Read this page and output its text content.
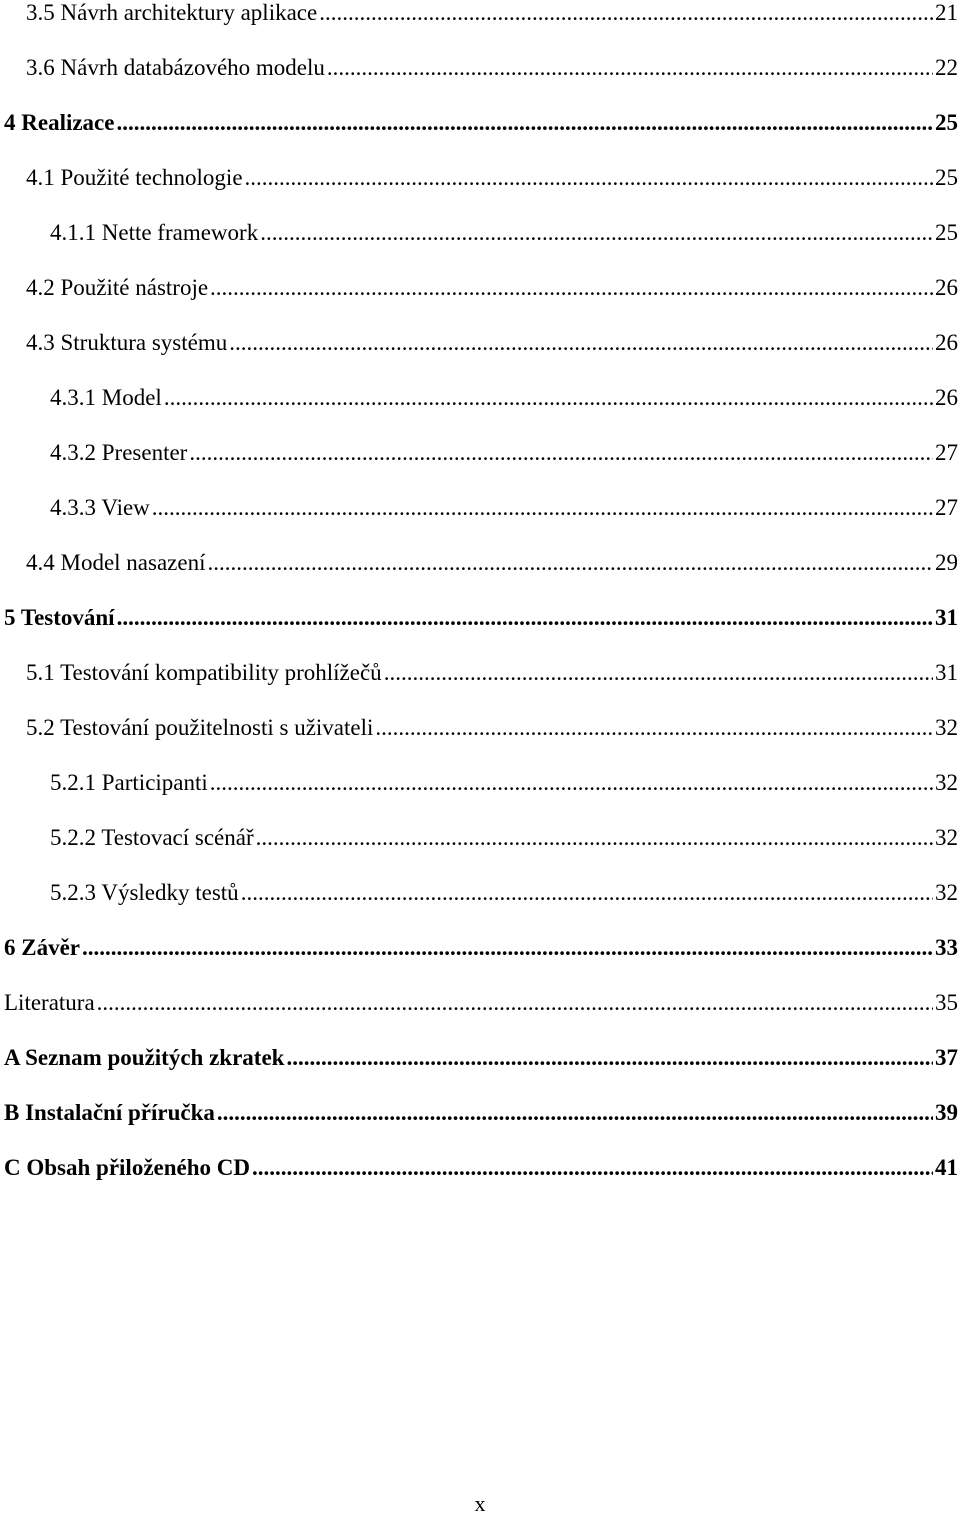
3.5 Návrh architektury aplikace .....	21
3.6 Návrh databázového modelu .....	22
4 Realizace .....	25
4.1 Použité technologie .....	25
4.1.1 Nette framework .....	25
4.2 Použité nástroje .....	26
4.3 Struktura systému .....	26
4.3.1 Model .....	26
4.3.2 Presenter .....	27
4.3.3 View .....	27
4.4 Model nasazení .....	29
5 Testování .....	31
5.1 Testování kompatibility prohlížečů .....	31
5.2 Testování použitelnosti s uživateli .....	32
5.2.1 Participanti .....	32
5.2.2 Testovací scénář .....	32
5.2.3 Výsledky testů .....	32
6 Závěr .....	33
Literatura .....	35
A Seznam použitých zkratek .....	37
B Instalační příručka .....	39
C Obsah přiloženého CD .....	41
x
